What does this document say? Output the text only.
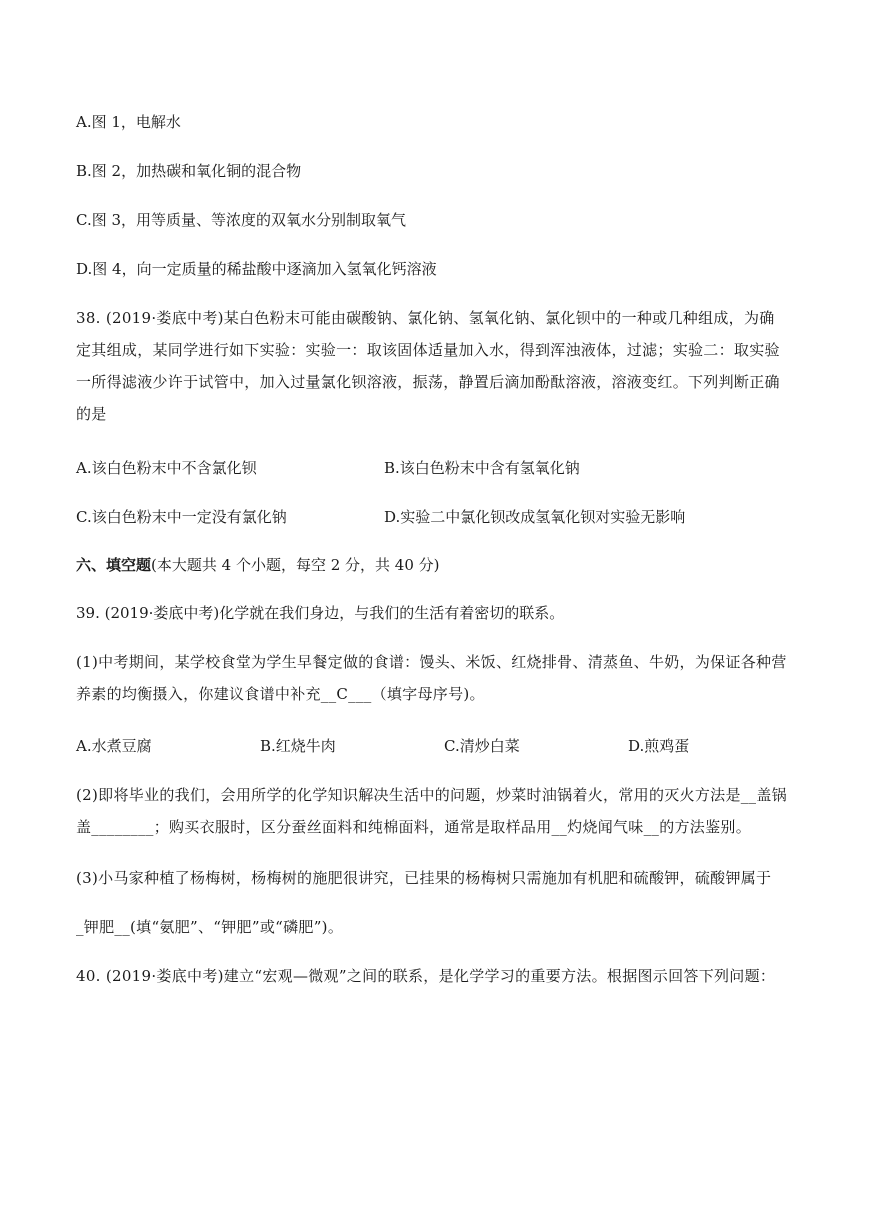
A.图 1，电解水
B.图 2，加热碳和氧化铜的混合物
C.图 3，用等质量、等浓度的双氧水分别制取氧气
D.图 4，向一定质量的稀盐酸中逐滴加入氢氧化钙溶液
38. (2019·娄底中考)某白色粉末可能由碳酸钠、氯化钠、氢氧化钠、氯化钡中的一种或几种组成，为确
定其组成，某同学进行如下实验：实验一：取该固体适量加入水，得到浑浊液体，过滤；实验二：取实验
一所得滤液少许于试管中，加入过量氯化钡溶液，振荡，静置后滴加酚酞溶液，溶液变红。下列判断正确
的是
A.该白色粉末中不含氯化钡	B.该白色粉末中含有氢氧化钠
C.该白色粉末中一定没有氯化钠	D.实验二中氯化钡改成氢氧化钡对实验无影响
六、填空题(本大题共 4 个小题，每空 2 分，共 40 分)
39. (2019·娄底中考)化学就在我们身边，与我们的生活有着密切的联系。
(1)中考期间，某学校食堂为学生早餐定做的食谱：馒头、米饭、红烧排骨、清蒸鱼、牛奶，为保证各种营
养素的均衡摄入，你建议食谱中补充__C___（填字母序号)。
A.水煮豆腐	B.红烧牛肉	C.清炒白菜	D.煎鸡蛋
(2)即将毕业的我们，会用所学的化学知识解决生活中的问题，炒菜时油锅着火，常用的灭火方法是__盖锅
盖________；购买衣服时，区分蚕丝面料和纯棉面料，通常是取样品用__灼烧闻气味__的方法鉴别。
(3)小马家种植了杨梅树，杨梅树的施肥很讲究，已挂果的杨梅树只需施加有机肥和硫酸钾，硫酸钾属于
_钾肥__(填“氨肥”、“钾肥”或“磷肥”)。
40. (2019·娄底中考)建立“宏观—微观”之间的联系，是化学学习的重要方法。根据图示回答下列问题：
